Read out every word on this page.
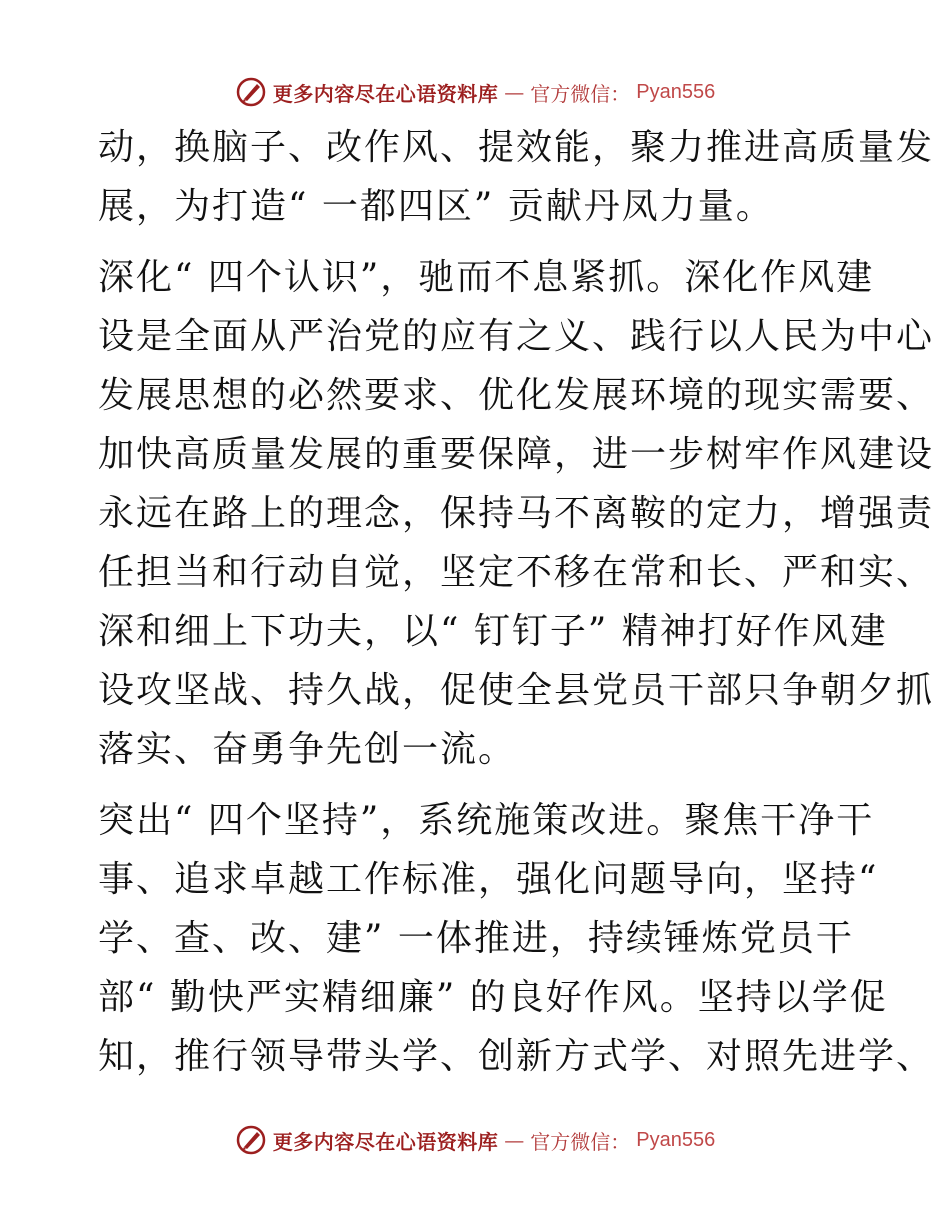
更多内容尽在心语资料库 — 官方微信： Pyan556

动，换脑子、改作风、提效能，聚力推进高质量发
展，为打造“ 一都四区” 贡献丹凤力量。

深化“ 四个认识”，驰而不息紧抓。深化作风建
设是全面从严治党的应有之义、践行以人民为中心
发展思想的必然要求、优化发展环境的现实需要、
加快高质量发展的重要保障，进一步树牢作风建设
永远在路上的理念，保持马不离鞍的定力，增强责
任担当和行动自觉，坚定不移在常和长、严和实、
深和细上下功夫，以“ 钉钉子” 精神打好作风建
设攻坚战、持久战，促使全县党员干部只争朝夕抓
落实、奋勇争先创一流。

突出“ 四个坚持”，系统施策改进。聚焦干净干
事、追求卓越工作标准，强化问题导向，坚持“
学、查、改、建” 一体推进，持续锤炼党员干
部“ 勤快严实精细廉” 的良好作风。坚持以学促
知，推行领导带头学、创新方式学、对照先进学、

更多内容尽在心语资料库 — 官方微信： Pyan556
